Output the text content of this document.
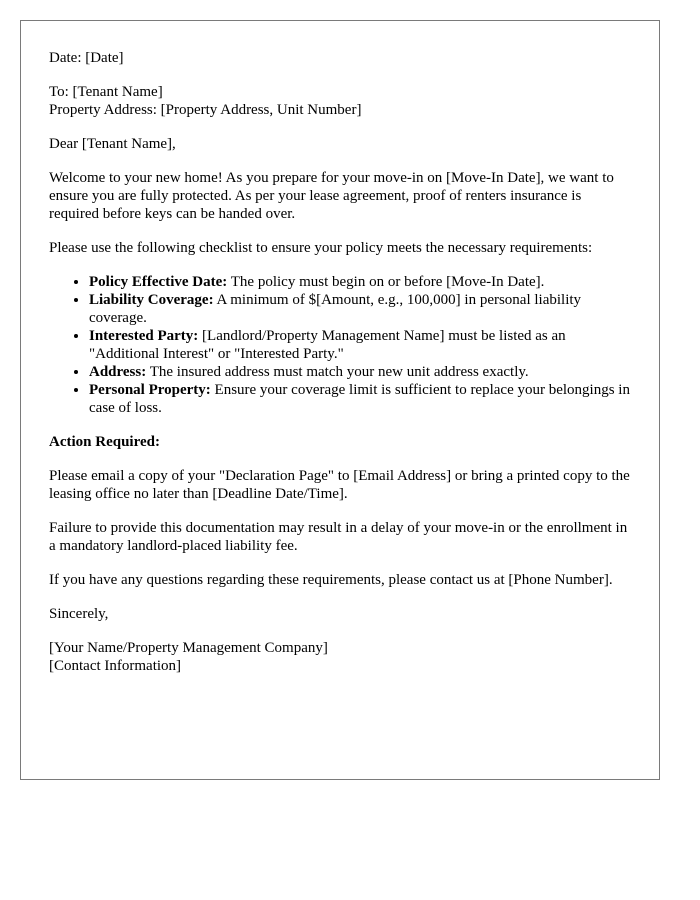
Date: [Date]

To: [Tenant Name]
Property Address: [Property Address, Unit Number]

Dear [Tenant Name],

Welcome to your new home! As you prepare for your move-in on [Move-In Date], we want to ensure you are fully protected. As per your lease agreement, proof of renters insurance is required before keys can be handed over.

Please use the following checklist to ensure your policy meets the necessary requirements:

• Policy Effective Date: The policy must begin on or before [Move-In Date].
• Liability Coverage: A minimum of $[Amount, e.g., 100,000] in personal liability coverage.
• Interested Party: [Landlord/Property Management Name] must be listed as an "Additional Interest" or "Interested Party."
• Address: The insured address must match your new unit address exactly.
• Personal Property: Ensure your coverage limit is sufficient to replace your belongings in case of loss.

Action Required:

Please email a copy of your "Declaration Page" to [Email Address] or bring a printed copy to the leasing office no later than [Deadline Date/Time].

Failure to provide this documentation may result in a delay of your move-in or the enrollment in a mandatory landlord-placed liability fee.

If you have any questions regarding these requirements, please contact us at [Phone Number].

Sincerely,

[Your Name/Property Management Company]
[Contact Information]
